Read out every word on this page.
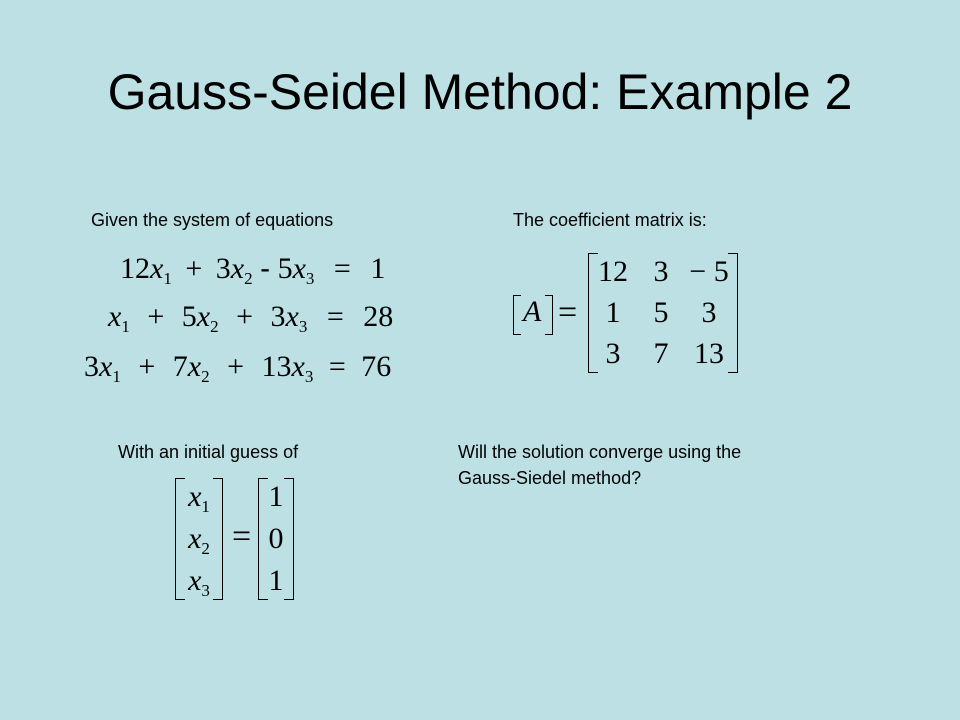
Gauss-Seidel Method: Example 2
Given the system of equations	The coefficient matrix is:
With an initial guess of	Will the solution converge using the
Gauss-Siedel method?
$12x_1 + 3x_2 - 5x_3 = 1$
$x_1 + 5x_2 + 3x_3 = 28$
$3x_1 + 7x_2 + 13x_3 = 76$
A =
12 3 − 5
1	5	3
3	7 13
$x_1$
$x_2$
$x_3$
=
1
0
1
